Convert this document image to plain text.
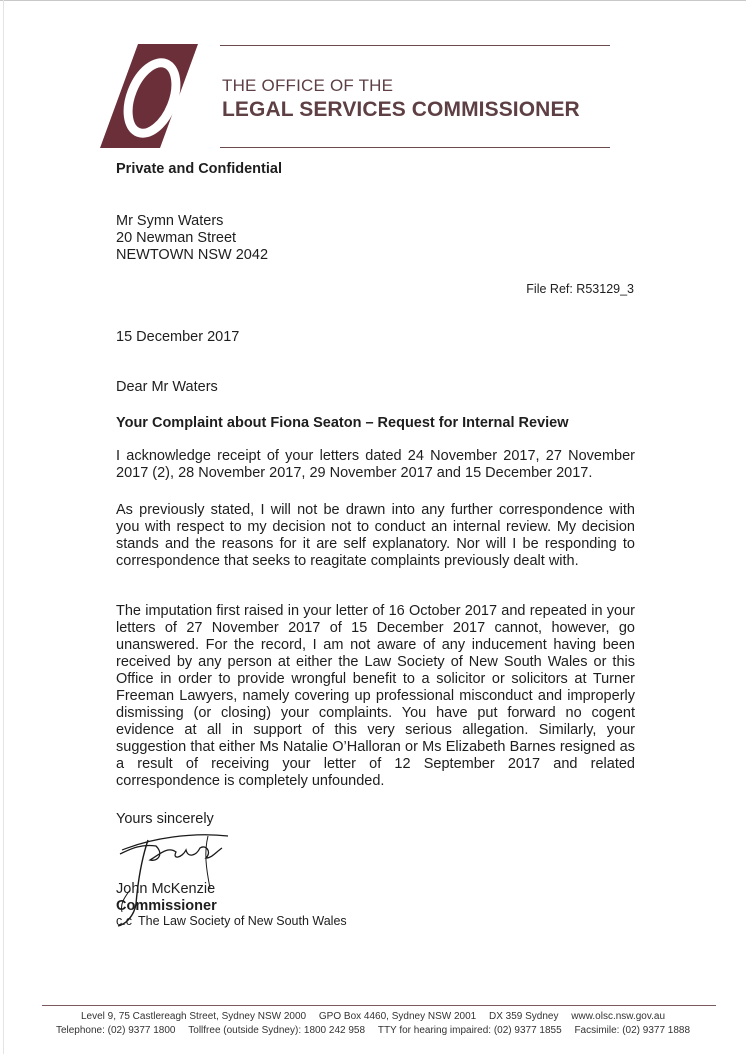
THE OFFICE OF THE
LEGAL SERVICES COMMISSIONER
Private and Confidential
Mr Symn Waters
20 Newman Street
NEWTOWN NSW 2042
File Ref: R53129_3
15 December 2017
Dear Mr Waters
Your Complaint about Fiona Seaton – Request for Internal Review

I acknowledge receipt of your letters dated 24 November 2017, 27 November 2017 (2), 28 November 2017, 29 November 2017 and 15 December 2017.

As previously stated, I will not be drawn into any further correspondence with you with respect to my decision not to conduct an internal review. My decision stands and the reasons for it are self explanatory. Nor will I be responding to correspondence that seeks to reagitate complaints previously dealt with.

The imputation first raised in your letter of 16 October 2017 and repeated in your letters of 27 November 2017 of 15 December 2017 cannot, however, go unanswered. For the record, I am not aware of any inducement having been received by any person at either the Law Society of New South Wales or this Office in order to provide wrongful benefit to a solicitor or solicitors at Turner Freeman Lawyers, namely covering up professional misconduct and improperly dismissing (or closing) your complaints. You have put forward no cogent evidence at all in support of this very serious allegation. Similarly, your suggestion that either Ms Natalie O’Halloran or Ms Elizabeth Barnes resigned as a result of receiving your letter of 12 September 2017 and related correspondence is completely unfounded.

Yours sincerely
John McKenzie
Commissioner
c.c The Law Society of New South Wales
Level 9, 75 Castlereagh Street, Sydney NSW 2000 GPO Box 4460, Sydney NSW 2001 DX 359 Sydney www.olsc.nsw.gov.au
Telephone: (02) 9377 1800 Tollfree (outside Sydney): 1800 242 958 TTY for hearing impaired: (02) 9377 1855 Facsimile: (02) 9377 1888
